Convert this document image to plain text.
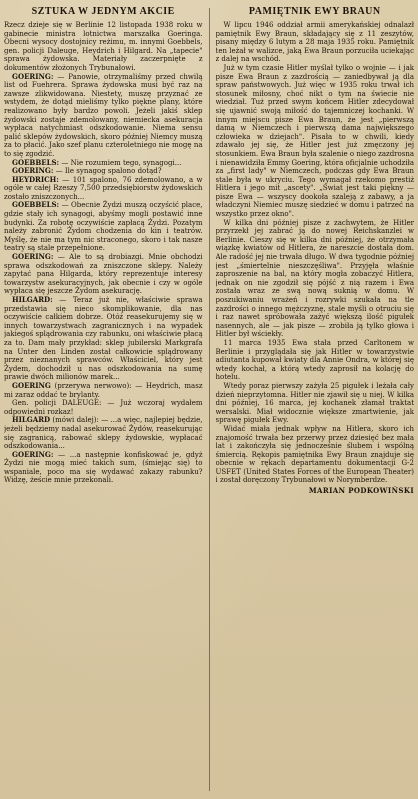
SZTUKA W JEDNYM AKCIE

Rzecz dzieje się w Berlinie 12 listopada 1938 roku w gabinecie ministra lotnictwa marszałka Goeringa. Obecni wysocy dostojnicy reżimu, m. innymi Goebbels, gen. policji Daleuge, Heydrich i Hilgard. Na „tapecie" sprawa żydowska. Materiały zaczerpnięte z dokumentów złożonych Trybunałowi.

GOERING: — Panowie, otrzymaliśmy przed chwilą list od Fuehrera. Sprawa żydowska musi być raz na zawsze zlikwidowana. Niestety, muszę przyznać ze wstydem, że dotąd mieliśmy tylko piękne plany, które realizowano były bardzo powoli. Jeżeli jakiś sklep żydowski zostaje zdemolowany, niemiecka asekuracja wypłaca natychmiast odszkodowanie. Niema sensu palić sklepów żydowskich, skoro później Niemcy muszą za to płacić. Jako szef planu czteroletniego nie mogę na to się zgodzić.

GOEBBELS: — Nie rozumiem tego, synagogi...

GOERING: — Ile synagog spalono dotąd?

HEYDRICH: — 101 spalono, 76 zdemolowano, a w ogóle w całej Rzeszy 7,500 przedsiębiorstw żydowskich zostało zniszczonych...

GOEBBELS: — Obecnie Żydzi muszą oczyścić place, gdzie stały ich synagogi, abyśmy mogli postawić inne budynki. Za robotę oczywiście zapłacą Żydzi. Pozatym należy zabronić Żydom chodzenia do kin i teatrów. Myślę, że nie ma tym nic straconego, skoro i tak nasze teatry są stale przepełnione.

GOERING: — Ale to są drobiazgi. Mnie obchodzi sprawa odszkodowań za zniszczone sklepy. Należy zapytać pana Hilgarda, który reprezentuje interesy towarzystw asekuracyjnych, jak obecnie i czy w ogóle wypłaca się jeszcze Żydom asekurację.

HILGARD: — Teraz już nie, właściwie sprawa przedstawia się nieco skomplikowanie, dla nas oczywiście całkiem dobrze. Otóż reasekurujemy się w innych towarzystwach zagranicznych i na wypadek jakiegoś splądrowania czy rabunku, oni właściwie płacą za to. Dam mały przykład: sklep jubilerski Markgrafa na Unter den Linden został całkowicie splądrowany przez nieznanych sprawców. Właściciel, który jest Żydem, dochodził u nas odszkodowania na sumę prawie dwóch milionów marek...

GOERING (przerywa nerwowo): — Heydrich, masz mi zaraz oddać te brylanty.

Gen. policji DALEUGE: — Już wczoraj wydałem odpowiedni rozkaz!

HILGARD (mówi dalej): — ...a więc, najlepiej będzie, jeżeli będziemy nadal asekurować Żydów, reasekurując się zagranicą, rabować sklepy żydowskie, wypłacać odszkodowania...

GOERING: — ...a następnie konfiskować je, gdyż Żydzi nie mogą mieć takich sum, (śmiejąc się) to wspaniale, poco ma się wydawać zakazy rabunku? Widzę, żeście mnie przekonali.

PAMIĘTNIK EWY BRAUN

W lipcu 1946 oddział armii amerykańskiej odnalazł pamiętnik Ewy Braun, składający się z 11 zeszytów, pisany między 6 lutym a 28 maja 1935 roku. Pamiętnik ten leżał w walizce, jaką Ewa Braun porzuciła uciekając z dalej na wschód.

Już w tym czasie Hitler myślał tylko o wojnie — i jak pisze Ewa Braun z zazdrością — zaniedbywał ją dla spraw państwowych. Już więc w 1935 roku trwał ich stosunek miłosny, choć nikt o tym na świecie nie wiedział. Tuż przed swym końcem Hitler zdecydował się ujawnić swoją miłość do tajemniczej kochanki. W innym miejscu pisze Ewa Braun, że jest „pierwszą damą w Niemczech i pierwszą dama największego człowieka w dziejach". Pisała to w chwili, kiedy zdawało jej się, że Hitler jest już zmęczony jej stosunkiem. Ewa Braun była szalenie o niego zazdrosna i nienawidziła Emmy Goering, która oficjalnie uchodziła za „first lady" w Niemczech, podczas gdy Ewa Braun stale była w ukryciu. Tego wymagał rzekomo prestiż Hitlera i jego mit „ascety". „Świat jest taki piękny — pisze Ewa — wszyscy dookoła szaleją z zabawy, a ja władczyni Niemiec muszę siedzieć w domu i patrzeć na wszystko przez okno".

W kilka dni później pisze z zachwytem, że Hitler przyrzekł jej zabrać ją do nowej Reichskanzlei w Berlinie. Cieszy się w kilka dni później, że otrzymała wiązkę kwiatów od Hitlera, że nareszcie dostała dom. Ale radość jej nie trwała długo. W dwa tygodnie później jest „śmiertelnie nieszczęśliwa". Przyjęła właśnie zaproszenie na bal, na który mogła zobaczyć Hitlera, jednak on nie zgodził się pójść z nią razem i Ewa została wraz ze swą nową suknią w domu. W poszukiwaniu wrażeń i rozrywki szukała na tle zazdrości o innego mężczyznę, stale myśli o otruciu się i raz nawet spróbowała zażyć większą ilość pigułek nasennych, ale — jak pisze — zrobiła ją tylko głowa i Hitler był wściekły.

11 marca 1935 Ewa stała przed Carltonem w Berlinie i przyglądała się jak Hitler w towarzystwie adiutanta kupował kwiaty dla Annie Ondra, w której się wtedy kochał, a którą wtedy zaprosił na kolację do hotelu.

Wtedy poraz pierwszy zażyła 25 pigułek i leżała cały dzień nieprzytomna. Hitler nie zjawił się u niej. W kilka dni później, 16 marca, jej kochanek złamał traktat wersalski. Miał widocznie większe zmartwienie, jak sprawę pigułek Ewy.

Widać miała jednak wpływ na Hitlera, skoro ich znajomość trwała bez przerwy przez dziesięć bez mała lat i zakończyła się jednocześnie ślubem i wspólną śmiercią. Rękopis pamiętnika Ewy Braun znajduje się obecnie w rękach departamentu dokumentacji G-2 USFET (United States Forces of the European Theater) i został doręczony Trybunałowi w Norymberdze.

MARIAN PODKOWIŃSKI
